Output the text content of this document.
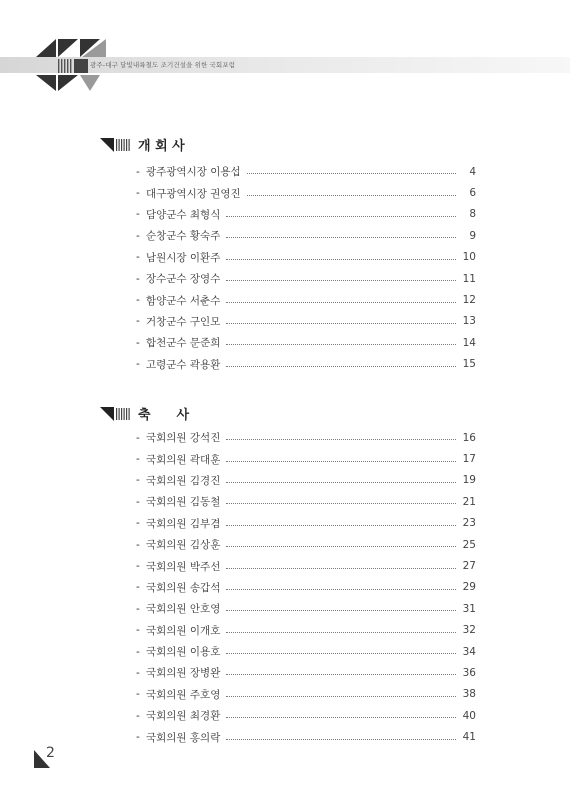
광주-대구 달빛내륙철도 조기건설을 위한 국회포럼
개 회 사
- 광주광역시장 이용섭	4
- 대구광역시장 권영진	6
- 담양군수 최형식	8
- 순창군수 황숙주	9
- 남원시장 이환주	10
- 장수군수 장영수	11
- 함양군수 서춘수	12
- 거창군수 구인모	13
- 합천군수 문준희	14
- 고령군수 곽용환	15
축　　사
- 국회의원 강석진	16
- 국회의원 곽대훈	17
- 국회의원 김경진	19
- 국회의원 김동철	21
- 국회의원 김부겸	23
- 국회의원 김상훈	25
- 국회의원 박주선	27
- 국회의원 송갑석	29
- 국회의원 안호영	31
- 국회의원 이개호	32
- 국회의원 이용호	34
- 국회의원 장병완	36
- 국회의원 주호영	38
- 국회의원 최경환	40
- 국회의원 홍의락	41
2
